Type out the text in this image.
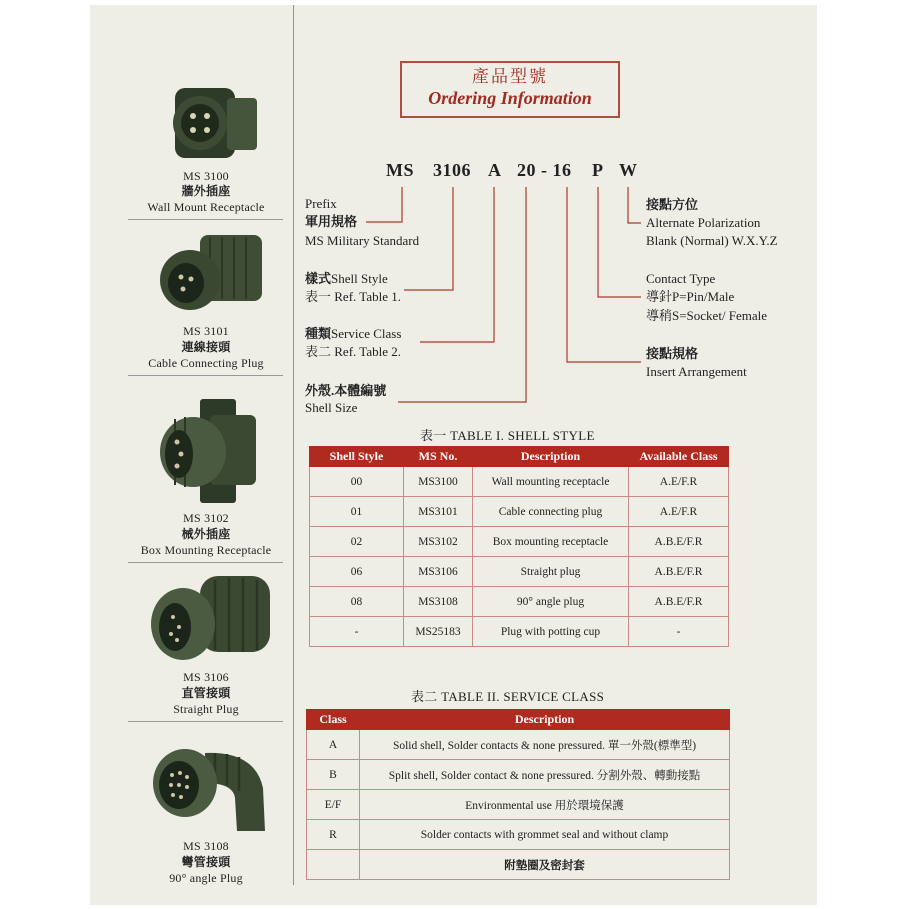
MS 3100
牆外插座
Wall Mount Receptacle
MS 3101
連線接頭
Cable Connecting Plug
MS 3102
械外插座
Box Mounting Receptacle
MS 3106
直管接頭
Straight Plug
MS 3108
彎管接頭
90° angle Plug
產品型號
Ordering Information
MS 3106 A 20 - 16 P W
Prefix
軍用規格
MS Military Standard
樣式Shell Style
表一 Ref. Table 1.
種類Service Class
表二 Ref. Table 2.
外殼.本體編號
Shell Size
接點方位
Alternate Polarization
Blank (Normal) W.X.Y.Z
Contact Type
導針P=Pin/Male
導稍S=Socket/ Female
接點規格
Insert Arrangement
表一 TABLE I. SHELL STYLE
Shell Style	MS No.	Description	Available Class
00	MS3100	Wall mounting receptacle	A.E/F.R
01	MS3101	Cable connecting plug	A.E/F.R
02	MS3102	Box mounting receptacle	A.B.E/F.R
06	MS3106	Straight plug	A.B.E/F.R
08	MS3108	90° angle plug	A.B.E/F.R
-	MS25183	Plug with potting cup	-
表二 TABLE II. SERVICE CLASS
Class	Description
A	Solid shell, Solder contacts & none pressured. 單一外殼(標準型)
B	Split shell, Solder contact & none pressured. 分割外殼、轉動接點
E/F	Environmental use 用於環境保護
R	Solder contacts with grommet seal and without clamp
	附墊圈及密封套
